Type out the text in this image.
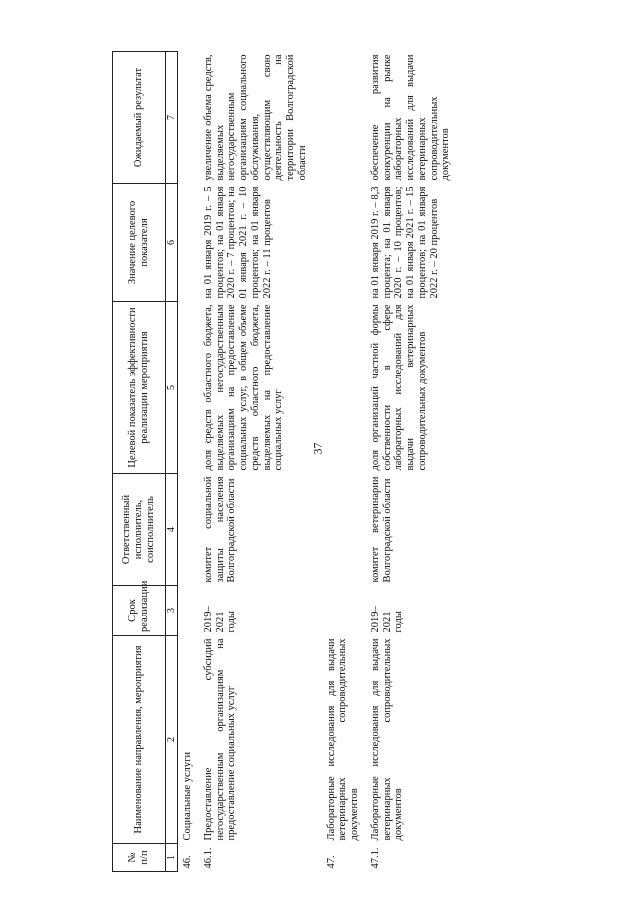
37
№ п/п	Наименование направления, мероприятия	Срок реализации	Ответственный исполнитель, соисполнитель	Целевой показатель эффективности реализации мероприятия	Значение целевого показателя	Ожидаемый результат
1	2	3	4	5	6	7
46.	Социальные услуги					
46.1.	Предоставление субсидий негосударственным организациям на предоставление социальных услуг	2019–2021 годы	комитет социальной защиты населения Волгоградской области	доля средств областного бюджета, выделяемых негосударственным организациям на предоставление социальных услуг, в общем объеме средств областного бюджета, выделяемых на предоставление социальных услуг	на 01 января 2019 г. – 5 процентов; на 01 января 2020 г. – 7 процентов; на 01 января 2021 г. – 10 процентов; на 01 января 2022 г. – 11 процентов	увеличение объема средств, выделяемых негосударственным организациям социального обслуживания, осуществляющим свою деятельность на территории Волгоградской области

47.	Лабораторные исследования для выдачи ветеринарных сопроводительных документов					
47.1.	Лабораторные исследования для выдачи ветеринарных сопроводительных документов	2019–2021 годы	комитет ветеринарии Волгоградской области	доля организаций частной формы собственности в сфере лабораторных исследований для выдачи ветеринарных сопроводительных документов	на 01 января 2019 г. – 8,3 процента; на 01 января 2020 г. – 10 процентов; на 01 января 2021 г. – 15 процентов; на 01 января 2022 г. – 20 процентов	обеспечение развития конкуренции на рынке лабораторных исследований для выдачи ветеринарных сопроводительных документов
